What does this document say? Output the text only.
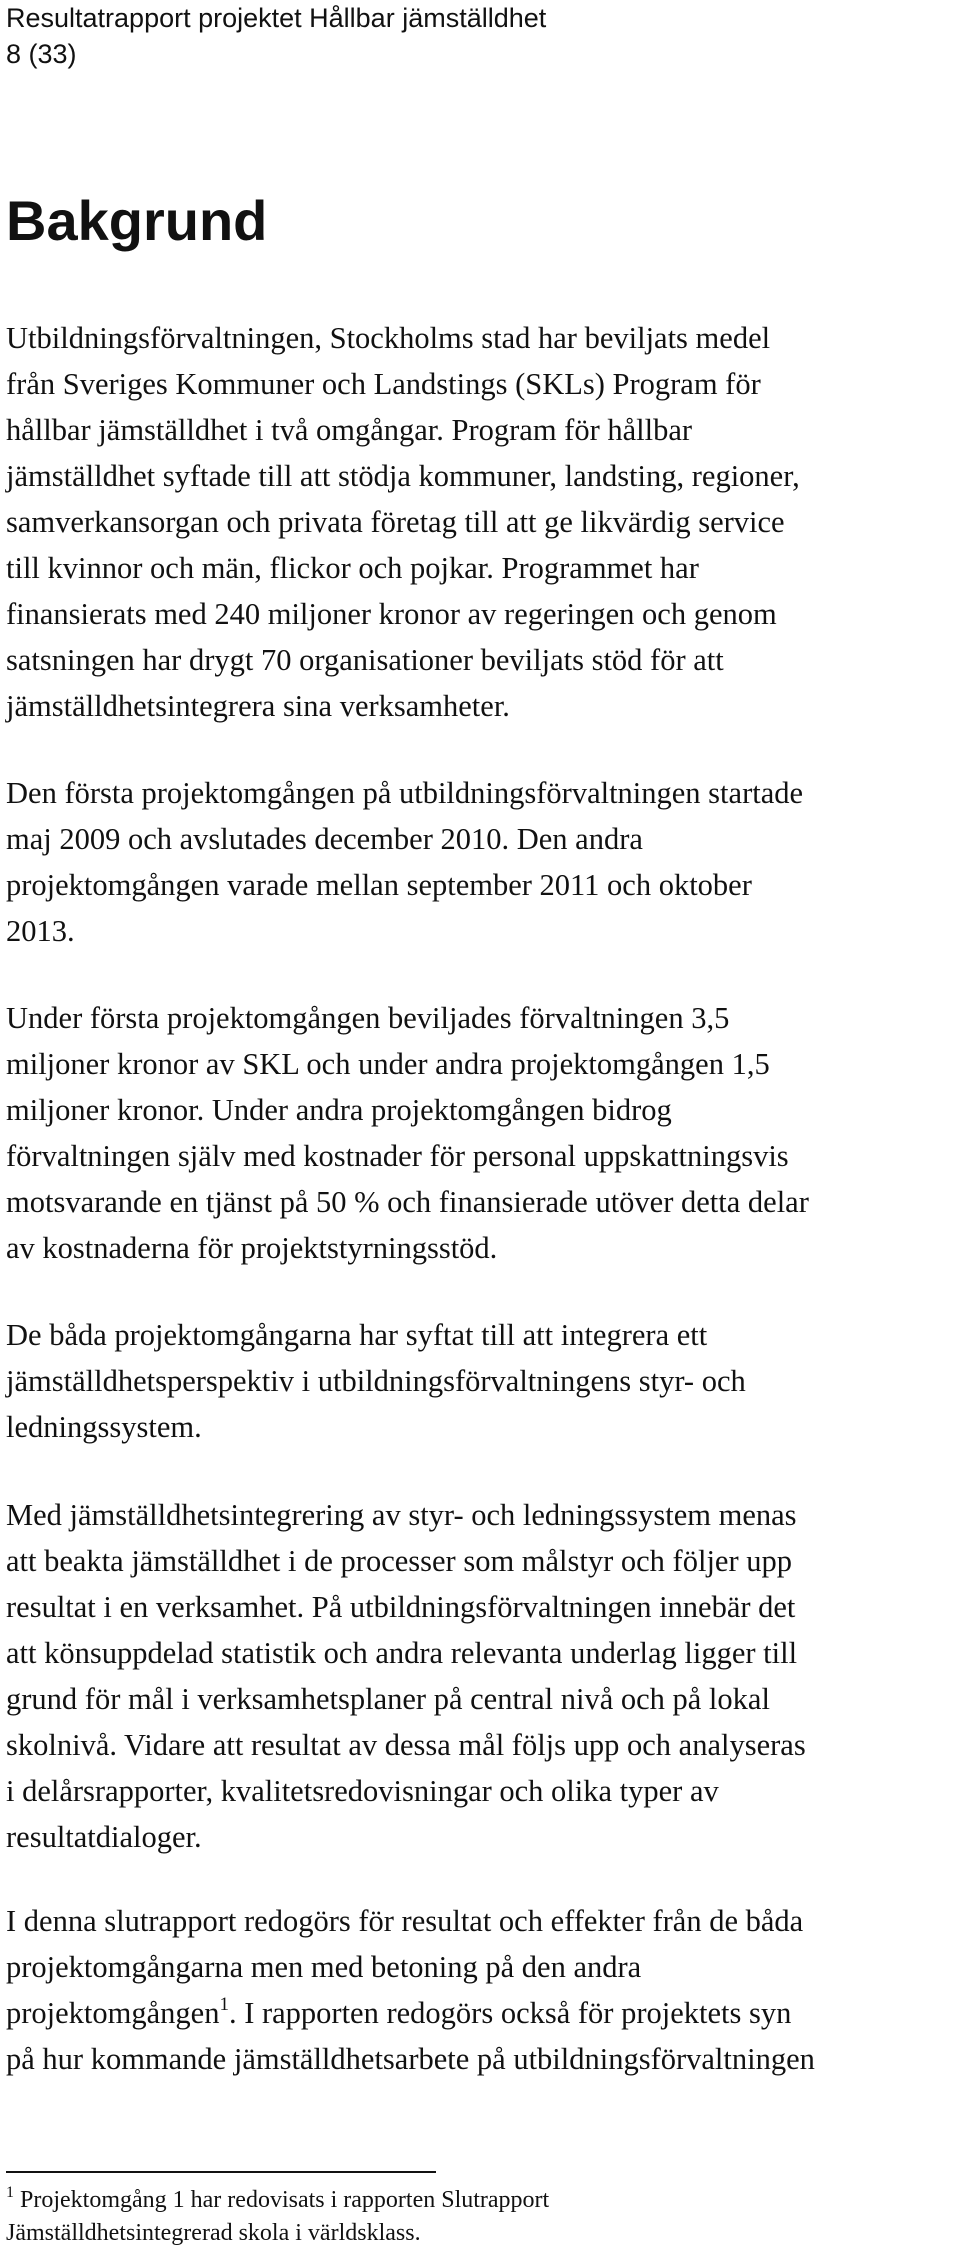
Resultatrapport projektet Hållbar jämställdhet
8 (33)
Bakgrund
Utbildningsförvaltningen, Stockholms stad har beviljats medel
från Sveriges Kommuner och Landstings (SKLs) Program för
hållbar jämställdhet i två omgångar. Program för hållbar
jämställdhet syftade till att stödja kommuner, landsting, regioner,
samverkansorgan och privata företag till att ge likvärdig service
till kvinnor och män, flickor och pojkar. Programmet har
finansierats med 240 miljoner kronor av regeringen och genom
satsningen har drygt 70 organisationer beviljats stöd för att
jämställdhetsintegrera sina verksamheter.
Den första projektomgången på utbildningsförvaltningen startade
maj 2009 och avslutades december 2010. Den andra
projektomgången varade mellan september 2011 och oktober
2013.
Under första projektomgången beviljades förvaltningen 3,5
miljoner kronor av SKL och under andra projektomgången 1,5
miljoner kronor. Under andra projektomgången bidrog
förvaltningen själv med kostnader för personal uppskattningsvis
motsvarande en tjänst på 50 % och finansierade utöver detta delar
av kostnaderna för projektstyrningsstöd.
De båda projektomgångarna har syftat till att integrera ett
jämställdhetsperspektiv i utbildningsförvaltningens styr- och
ledningssystem.
Med jämställdhetsintegrering av styr- och ledningssystem menas
att beakta jämställdhet i de processer som målstyr och följer upp
resultat i en verksamhet. På utbildningsförvaltningen innebär det
att könsuppdelad statistik och andra relevanta underlag ligger till
grund för mål i verksamhetsplaner på central nivå och på lokal
skolnivå. Vidare att resultat av dessa mål följs upp och analyseras
i delårsrapporter, kvalitetsredovisningar och olika typer av
resultatdialoger.
I denna slutrapport redogörs för resultat och effekter från de båda
projektomgångarna men med betoning på den andra
projektomgången$^1$. I rapporten redogörs också för projektets syn
på hur kommande jämställdhetsarbete på utbildningsförvaltningen
$^1$ Projektomgång 1 har redovisats i rapporten Slutrapport
Jämställdhetsintegrerad skola i världsklass.
